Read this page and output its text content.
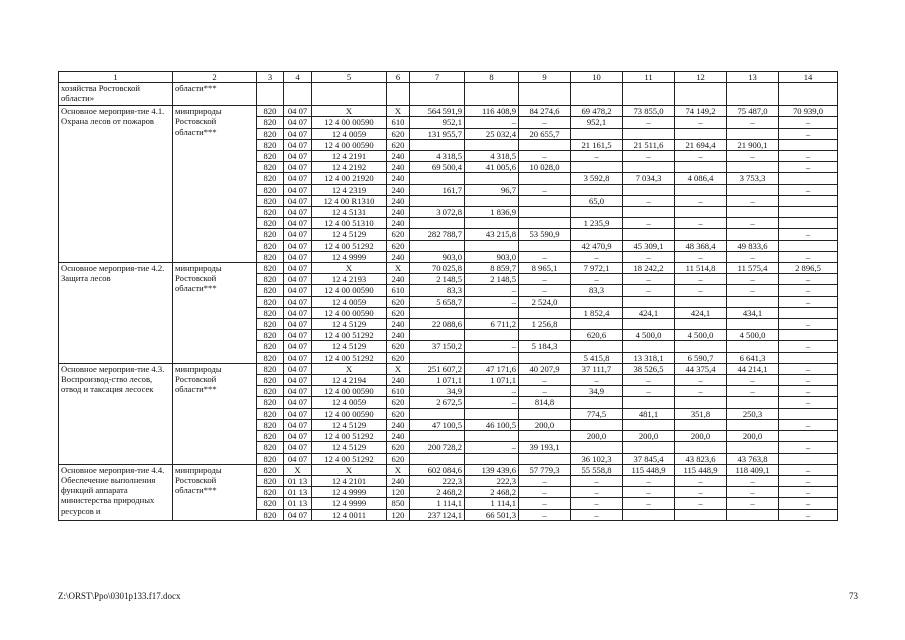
1	2	3	4	5	6	7	8	9	10	11	12	13	14
хозяйства Ростовской области»	области***												
Основное мероприя-тие 4.1. Охрана лесов от пожаров	минприроды Ростовской области***	820	04 07	X	X	564 591,9	116 408,9	84 274,6	69 478,2	73 855,0	74 149,2	75 487,0	70 939,0
		820	04 07	12 4 00 00590	610	952,1	–	–	952,1	–	–	–	–
		820	04 07	12 4 0059	620	131 955,7	25 032,4	20 655,7					–
		820	04 07	12 4 00 00590	620				21 161,5	21 511,6	21 694,4	21 900,1	
		820	04 07	12 4 2191	240	4 318,5	4 318,5	–	–	–	–	–	–
		820	04 07	12 4 2192	240	69 500,4	41 005,6	10 028,0					–
		820	04 07	12 4 00 21920	240				3 592,8	7 034,3	4 086,4	3 753,3	
		820	04 07	12 4 2319	240	161,7	96,7	–					–
		820	04 07	12 4 00 R1310	240				65,0	–	–	–	
		820	04 07	12 4 5131	240	3 072,8	1 836,9						
		820	04 07	12 4 00 51310	240				1 235,9	–	–	–	
		820	04 07	12 4 5129	620	282 788,7	43 215,8	53 590,9					–
		820	04 07	12 4 00 51292	620				42 470,9	45 309,1	48 368,4	49 833,6	
		820	04 07	12 4 9999	240	903,0	903,0	–	–	–	–	–	–
Основное мероприя-тие 4.2. Защита лесов	минприроды Ростовской области***	820	04 07	X	X	70 025,8	8 859,7	8 965,1	7 972,1	18 242,2	11 514,8	11 575,4	2 896,5
		820	04 07	12 4 2193	240	2 148,5	2 148,5	–	–	–	–	–	–
		820	04 07	12 4 00 00590	610	83,3	–	–	83,3	–	–	–	–
		820	04 07	12 4 0059	620	5 658,7	–	2 524,0					–
		820	04 07	12 4 00 00590	620				1 852,4	424,1	424,1	434,1	
		820	04 07	12 4 5129	240	22 088,6	6 711,2	1 256,8					–
		820	04 07	12 4 00 51292	240				620,6	4 500,0	4 500,0	4 500,0	
		820	04 07	12 4 5129	620	37 150,2	–	5 184,3					–
		820	04 07	12 4 00 51292	620				5 415,8	13 318,1	6 590,7	6 641,3	
Основное мероприя-тие 4.3. Воспроизвод-ство лесов, отвод и таксация лесосек	минприроды Ростовской области***	820	04 07	X	X	251 607,2	47 171,6	40 207,9	37 111,7	38 526,5	44 375,4	44 214,1	–
		820	04 07	12 4 2194	240	1 071,1	1 071,1	–	–	–	–	–	–
		820	04 07	12 4 00 00590	610	34,9	–	–	34,9	–	–	–	–
		820	04 07	12 4 0059	620	2 672,5	–	814,8					–
		820	04 07	12 4 00 00590	620				774,5	481,1	351,8	250,3	
		820	04 07	12 4 5129	240	47 100,5	46 100,5	200,0					–
		820	04 07	12 4 00 51292	240				200,0	200,0	200,0	200,0	
		820	04 07	12 4 5129	620	200 728,2	–	39 193,1					–
		820	04 07	12 4 00 51292	620				36 102,3	37 845,4	43 823,6	43 763,8	
Основное мероприя-тие 4.4. Обеспечение выполнения функций аппарата министерства природных ресурсов и	минприроды Ростовской области***	820	X	X	X	602 084,6	139 439,6	57 779,3	55 558,8	115 448,9	115 448,9	118 409,1	–
		820	01 13	12 4 2101	240	222,3	222,3	–	–	–	–	–	–
		820	01 13	12 4 9999	120	2 468,2	2 468,2	–	–	–	–	–	–
		820	01 13	12 4 9999	850	1 114,1	1 114,1	–	–	–	–	–	–
		820	04 07	12 4 0011	120	237 124,1	66 501,3	–	–				–
Z:\ORST\Ppo\0301p133.f17.docx	73
